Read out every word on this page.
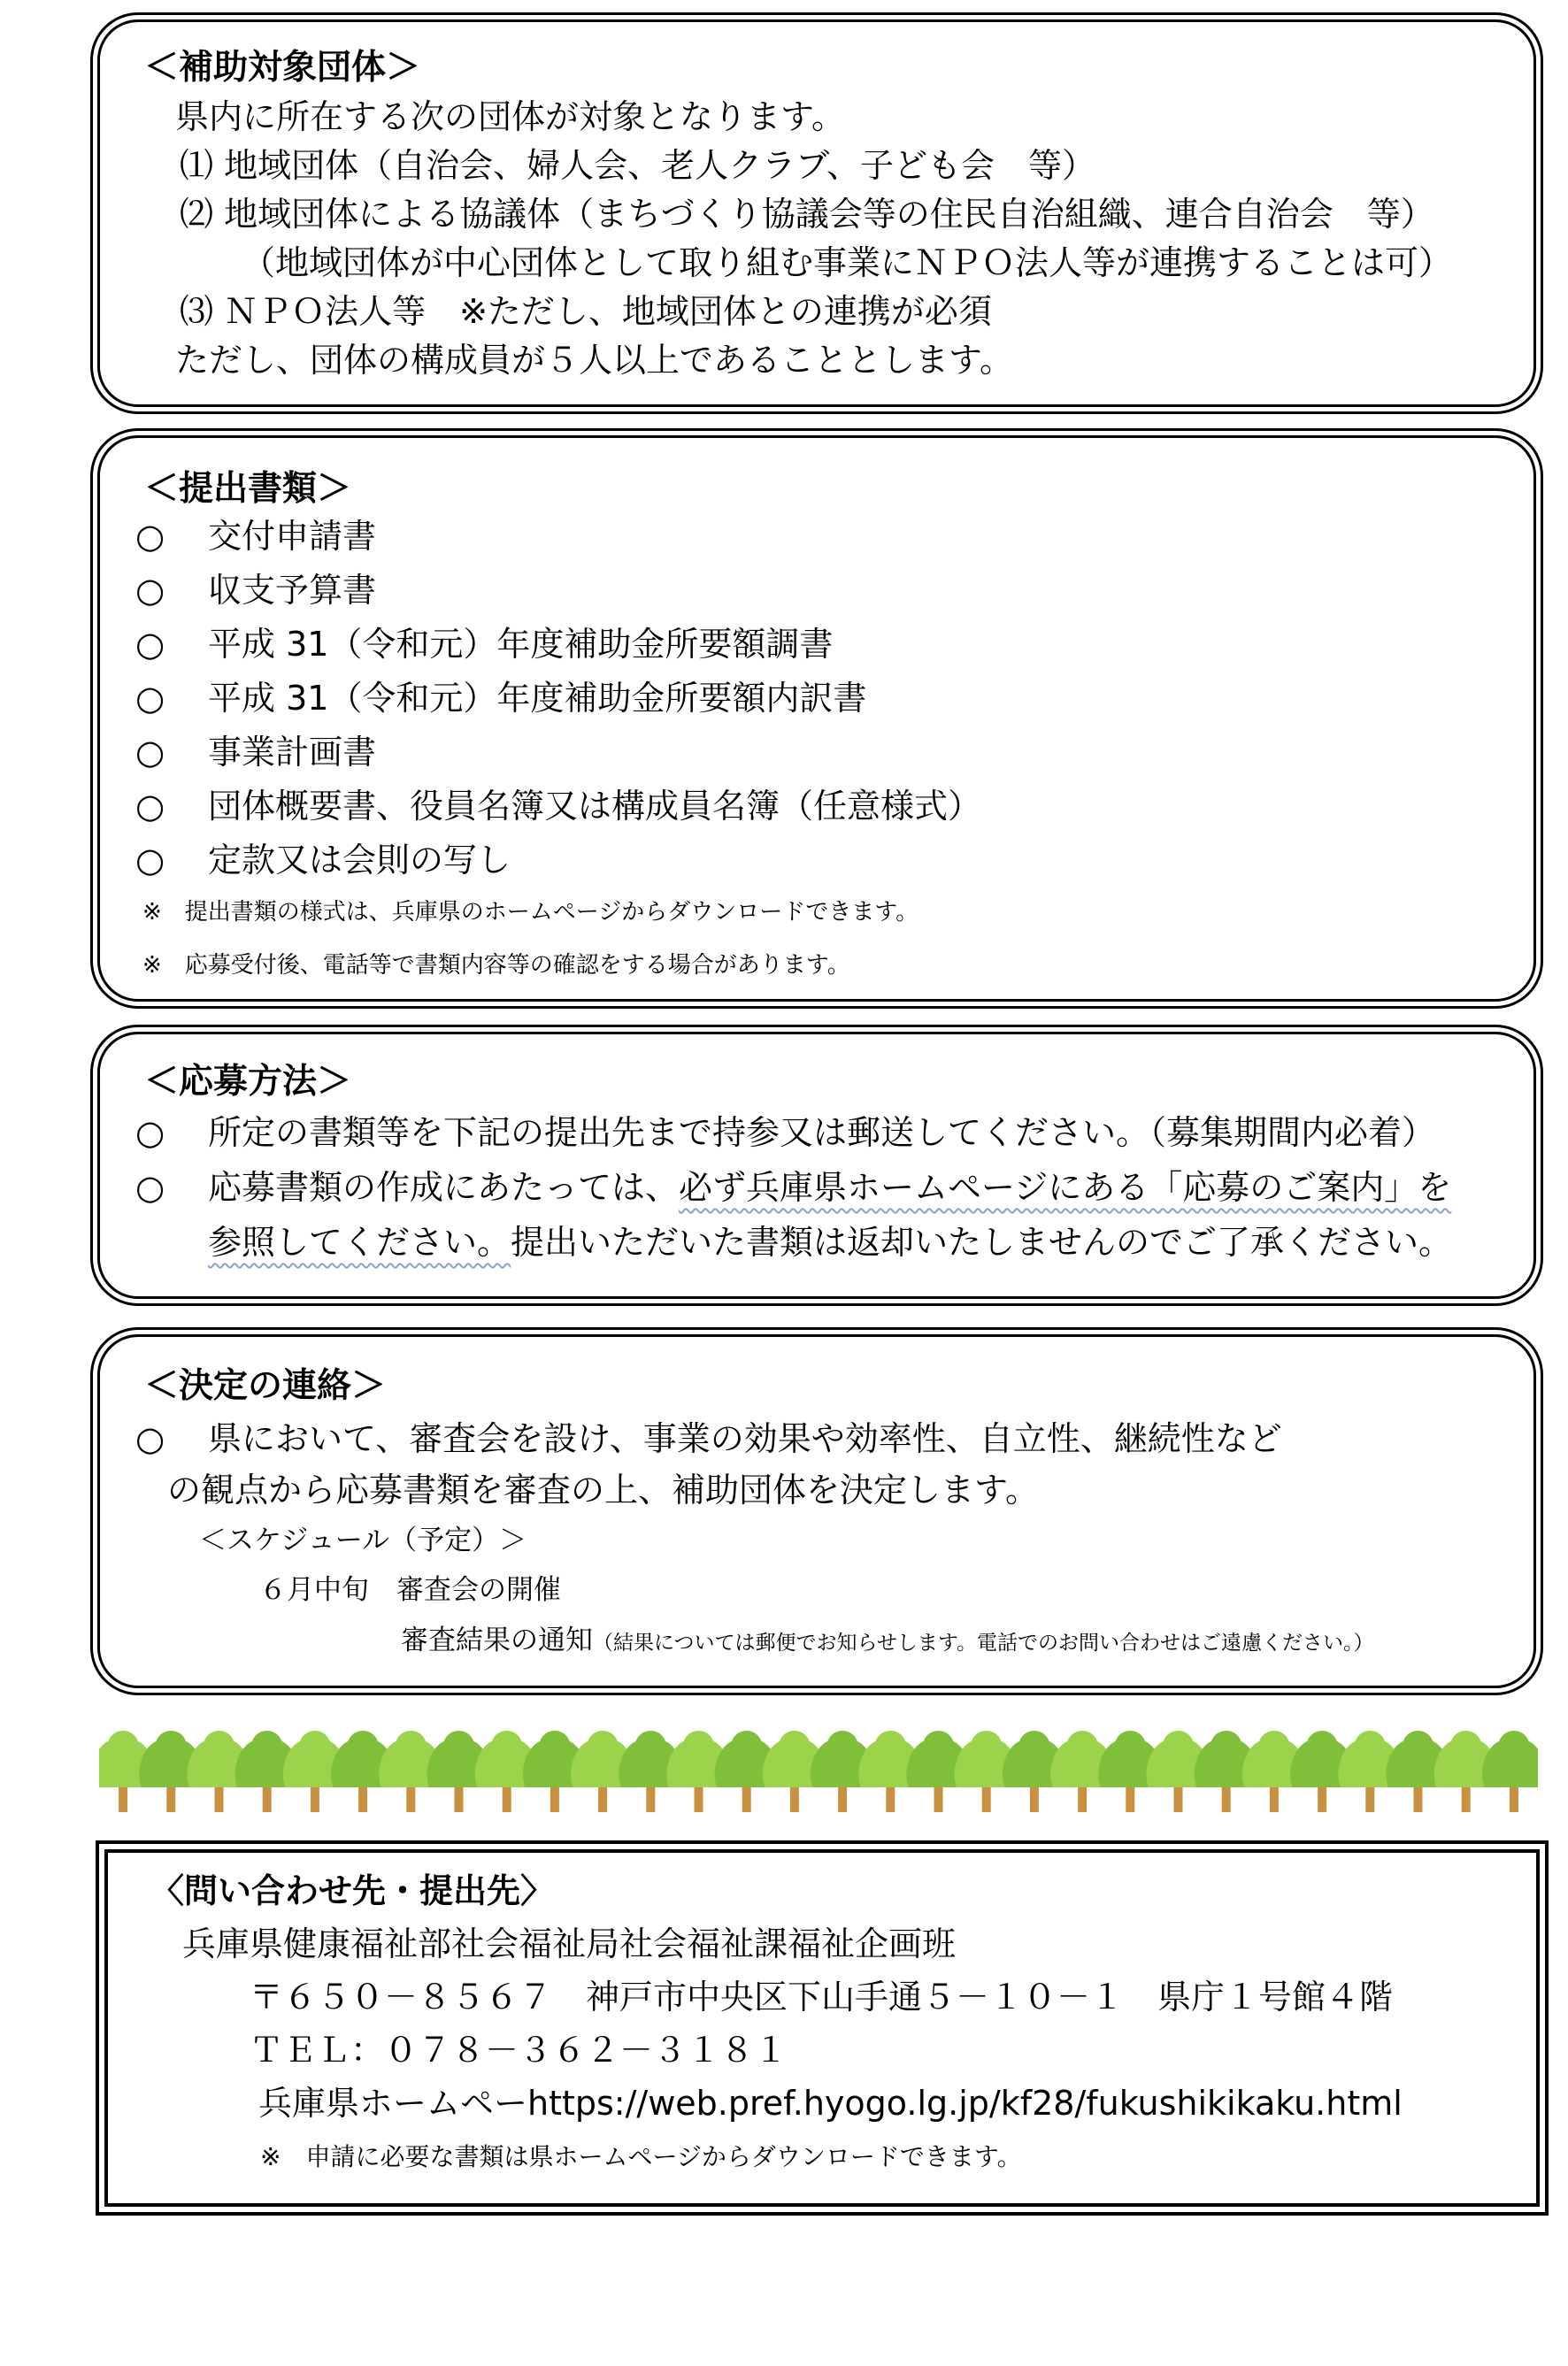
＜補助対象団体＞
県内に所在する次の団体が対象となります。
⑴ 地域団体（自治会、婦人会、老人クラブ、子ども会　等）
⑵ 地域団体による協議体（まちづくり協議会等の住民自治組織、連合自治会　等）
（地域団体が中心団体として取り組む事業にＮＰＯ法人等が連携することは可）
⑶ ＮＰＯ法人等　※ただし、地域団体との連携が必須
ただし、団体の構成員が５人以上であることとします。
＜提出書類＞
○ 交付申請書
○ 収支予算書
○ 平成 31（令和元）年度補助金所要額調書
○ 平成 31（令和元）年度補助金所要額内訳書
○ 事業計画書
○ 団体概要書、役員名簿又は構成員名簿（任意様式）
○ 定款又は会則の写し
※　提出書類の様式は、兵庫県のホームページからダウンロードできます。
※　応募受付後、電話等で書類内容等の確認をする場合があります。
＜応募方法＞
○ 所定の書類等を下記の提出先まで持参又は郵送してください。（募集期間内必着）
○ 応募書類の作成にあたっては、必ず兵庫県ホームページにある「応募のご案内」を
参照してください。提出いただいた書類は返却いたしませんのでご了承ください。
＜決定の連絡＞
○ 県において、審査会を設け、事業の効果や効率性、自立性、継続性など
の観点から応募書類を審査の上、補助団体を決定します。
＜スケジュール（予定）＞
６月中旬　審査会の開催
審査結果の通知（結果については郵便でお知らせします。電話でのお問い合わせはご遠慮ください。）
〈問い合わせ先・提出先〉
兵庫県健康福祉部社会福祉局社会福祉課福祉企画班
〒６５０－８５６７　神戸市中央区下山手通５－１０－１　県庁１号館４階
ＴＥＬ：０７８－３６２－３１８１
兵庫県ホームペーhttps://web.pref.hyogo.lg.jp/kf28/fukushikikaku.html
※　申請に必要な書類は県ホームページからダウンロードできます。
